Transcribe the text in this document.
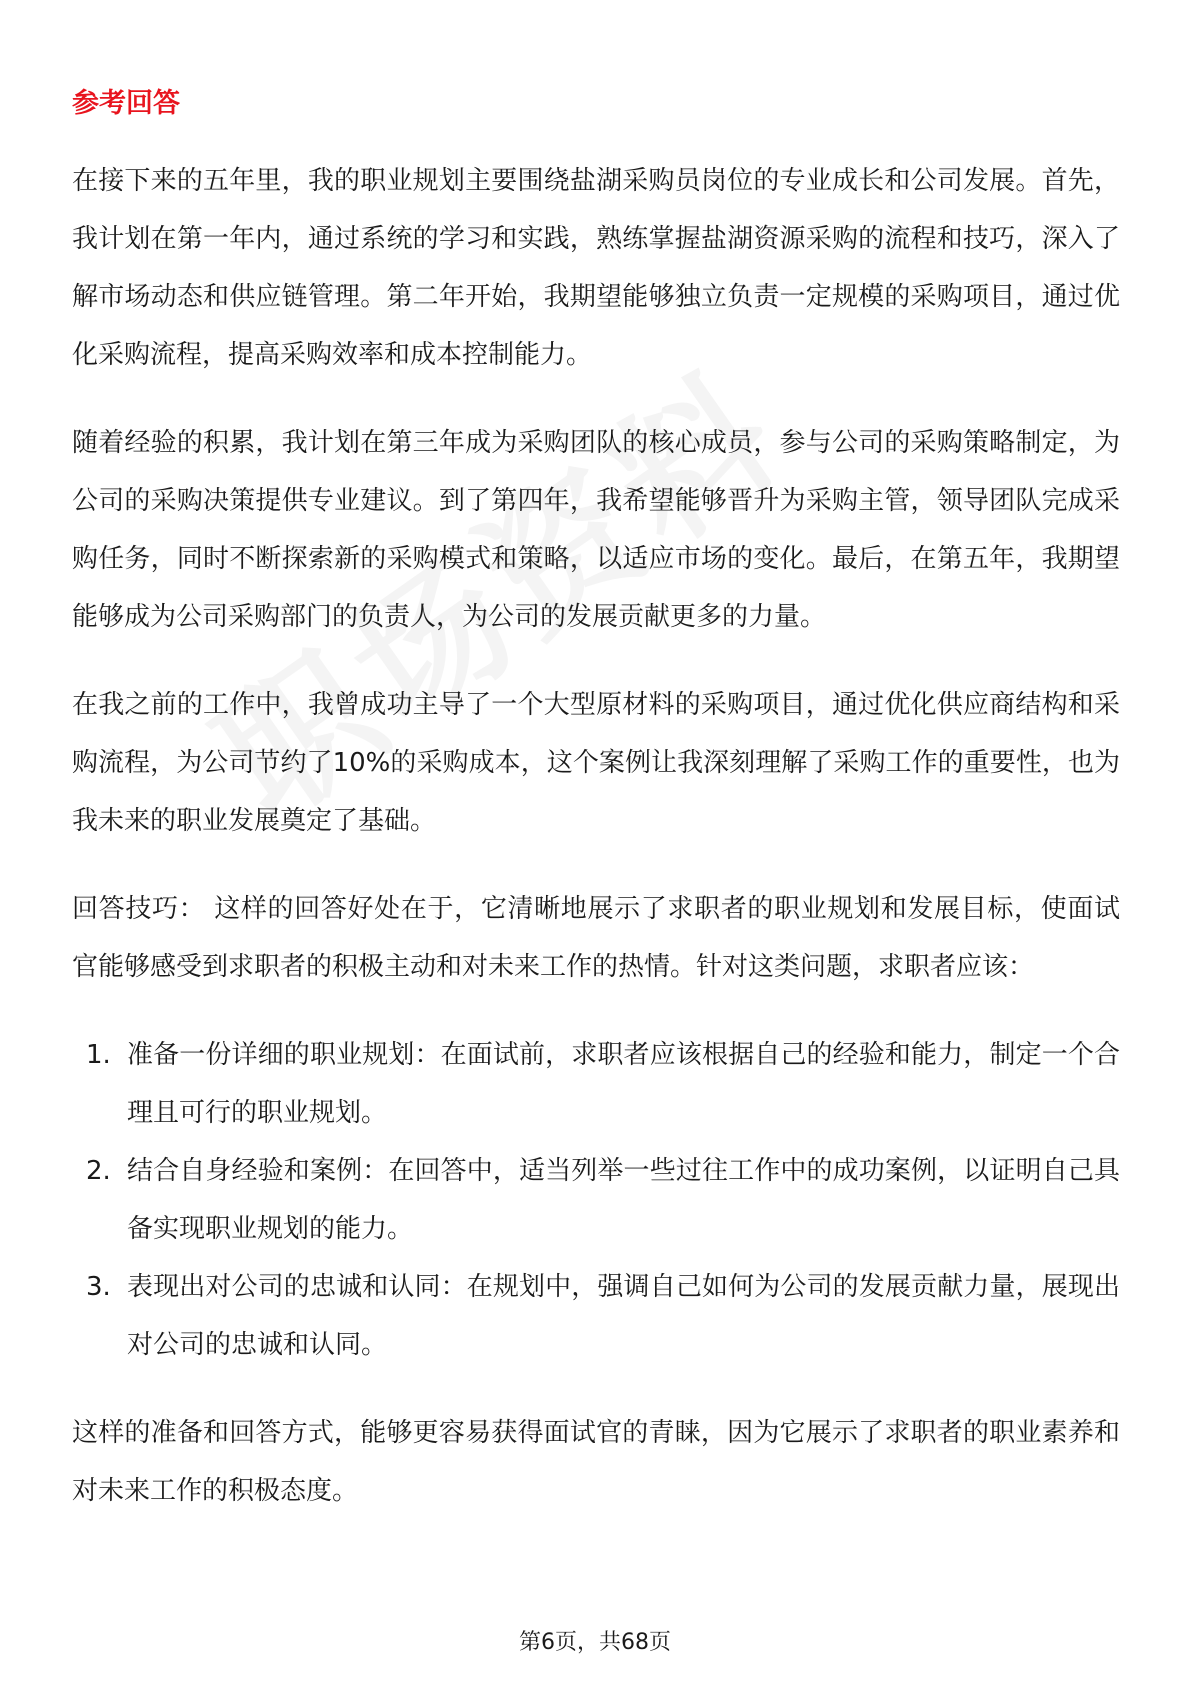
参考回答

在接下来的五年里，我的职业规划主要围绕盐湖采购员岗位的专业成长和公司发展。首先，我计划在第一年内，通过系统的学习和实践，熟练掌握盐湖资源采购的流程和技巧，深入了解市场动态和供应链管理。第二年开始，我期望能够独立负责一定规模的采购项目，通过优化采购流程，提高采购效率和成本控制能力。

随着经验的积累，我计划在第三年成为采购团队的核心成员，参与公司的采购策略制定，为公司的采购决策提供专业建议。到了第四年，我希望能够晋升为采购主管，领导团队完成采购任务，同时不断探索新的采购模式和策略，以适应市场的变化。最后，在第五年，我期望能够成为公司采购部门的负责人，为公司的发展贡献更多的力量。

在我之前的工作中，我曾成功主导了一个大型原材料的采购项目，通过优化供应商结构和采购流程，为公司节约了10%的采购成本，这个案例让我深刻理解了采购工作的重要性，也为我未来的职业发展奠定了基础。

回答技巧： 这样的回答好处在于，它清晰地展示了求职者的职业规划和发展目标，使面试官能够感受到求职者的积极主动和对未来工作的热情。针对这类问题，求职者应该：

1. 准备一份详细的职业规划：在面试前，求职者应该根据自己的经验和能力，制定一个合理且可行的职业规划。
2. 结合自身经验和案例：在回答中，适当列举一些过往工作中的成功案例，以证明自己具备实现职业规划的能力。
3. 表现出对公司的忠诚和认同：在规划中，强调自己如何为公司的发展贡献力量，展现出对公司的忠诚和认同。

这样的准备和回答方式，能够更容易获得面试官的青睐，因为它展示了求职者的职业素养和对未来工作的积极态度。

第6页，共68页
